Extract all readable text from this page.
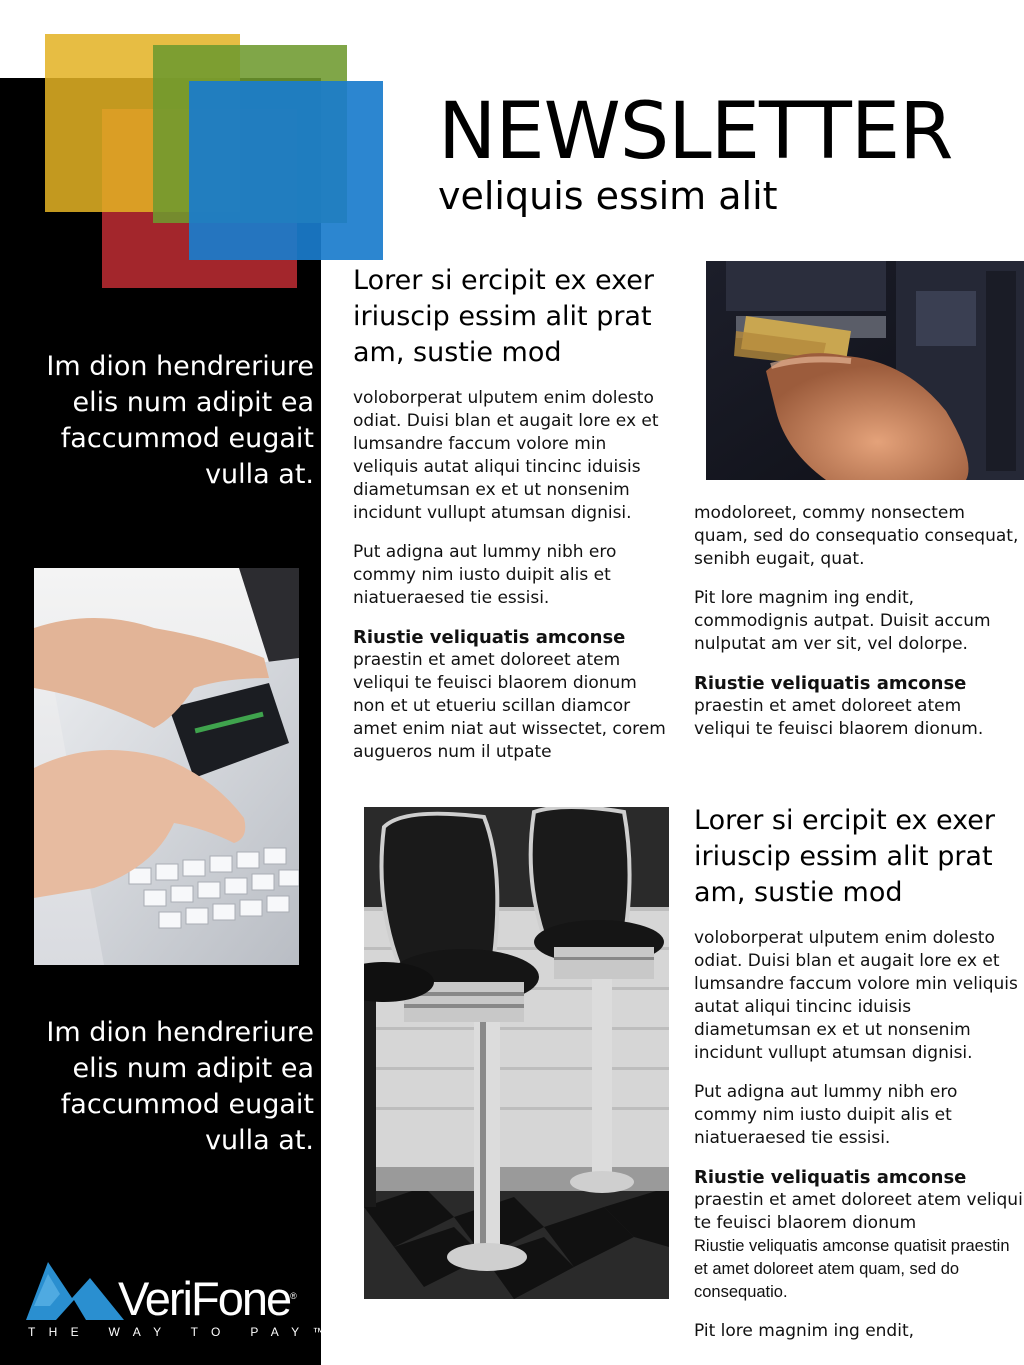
NEWSLETTER
veliquis essim alit
Im dion hendreriure elis num adipit ea faccummod eugait vulla at.
Im dion hendreriure elis num adipit ea faccummod eugait vulla at.
Lorer si ercipit ex exer iriuscip essim alit prat am, sustie mod

voloborperat ulputem enim dolesto odiat. Duisi blan et augait lore ex et lumsandre faccum volore min veliquis autat aliqui tincinc iduisis diametumsan ex et ut nonsenim incidunt vullupt atumsan dignisi.

Put adigna aut lummy nibh ero commy nim iusto duipit alis et niatueraesed tie essisi.

Riustie veliquatis amconse
praestin et amet doloreet atem veliqui te feuisci blaorem dionum non et ut etueriu scillan diamcor amet enim niat aut wissectet, corem augueros num il utpate

modoloreet, commy nonsectem quam, sed do consequatio consequat, senibh eugait, quat.

Pit lore magnim ing endit, commodignis autpat. Duisit accum nulputat am ver sit, vel dolorpe.

Riustie veliquatis amconse
praestin et amet doloreet atem veliqui te feuisci blaorem dionum.

Lorer si ercipit ex exer iriuscip essim alit prat am, sustie mod

voloborperat ulputem enim dolesto odiat. Duisi blan et augait lore ex et lumsandre faccum volore min veliquis autat aliqui tincinc iduisis diametumsan ex et ut nonsenim incidunt vullupt atumsan dignisi.

Put adigna aut lummy nibh ero commy nim iusto duipit alis et niatueraesed tie essisi.

Riustie veliquatis amconse
praestin et amet doloreet atem veliqui te feuisci blaorem dionum
Riustie veliquatis amconse quatisit praestin et amet doloreet atem quam, sed do consequatio.

Pit lore magnim ing endit,

VeriFone®
THE WAY TO PAY™
